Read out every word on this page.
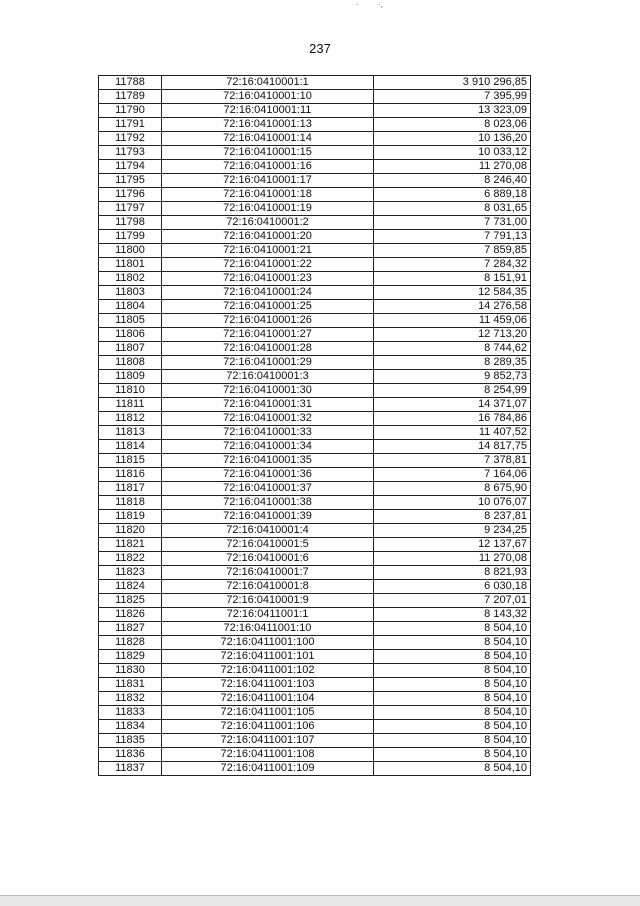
· ·,
237
11788	72:16:0410001:1	3 910 296,85
11789	72:16:0410001:10	7 395,99
11790	72:16:0410001:11	13 323,09
11791	72:16:0410001:13	8 023,06
11792	72:16:0410001:14	10 136,20
11793	72:16:0410001:15	10 033,12
11794	72:16:0410001:16	11 270,08
11795	72:16:0410001:17	8 246,40
11796	72:16:0410001:18	6 889,18
11797	72:16:0410001:19	8 031,65
11798	72:16:0410001:2	7 731,00
11799	72:16:0410001:20	7 791,13
11800	72:16:0410001:21	7 859,85
11801	72:16:0410001:22	7 284,32
11802	72:16:0410001:23	8 151,91
11803	72:16:0410001:24	12 584,35
11804	72:16:0410001:25	14 276,58
11805	72:16:0410001:26	11 459,06
11806	72:16:0410001:27	12 713,20
11807	72:16:0410001:28	8 744,62
11808	72:16:0410001:29	8 289,35
11809	72:16:0410001:3	9 852,73
11810	72:16:0410001:30	8 254,99
11811	72:16:0410001:31	14 371,07
11812	72:16:0410001:32	16 784,86
11813	72:16:0410001:33	11 407,52
11814	72:16:0410001:34	14 817,75
11815	72:16:0410001:35	7 378,81
11816	72:16:0410001:36	7 164,06
11817	72:16:0410001:37	8 675,90
11818	72:16:0410001:38	10 076,07
11819	72:16:0410001:39	8 237,81
11820	72:16:0410001:4	9 234,25
11821	72:16:0410001:5	12 137,67
11822	72:16:0410001:6	11 270,08
11823	72:16:0410001:7	8 821,93
11824	72:16:0410001:8	6 030,18
11825	72:16:0410001:9	7 207,01
11826	72:16:0411001:1	8 143,32
11827	72:16:0411001:10	8 504,10
11828	72:16:0411001:100	8 504,10
11829	72:16:0411001:101	8 504,10
11830	72:16:0411001:102	8 504,10
11831	72:16:0411001:103	8 504,10
11832	72:16:0411001:104	8 504,10
11833	72:16:0411001:105	8 504,10
11834	72:16:0411001:106	8 504,10
11835	72:16:0411001:107	8 504,10
11836	72:16:0411001:108	8 504,10
11837	72:16:0411001:109	8 504,10
